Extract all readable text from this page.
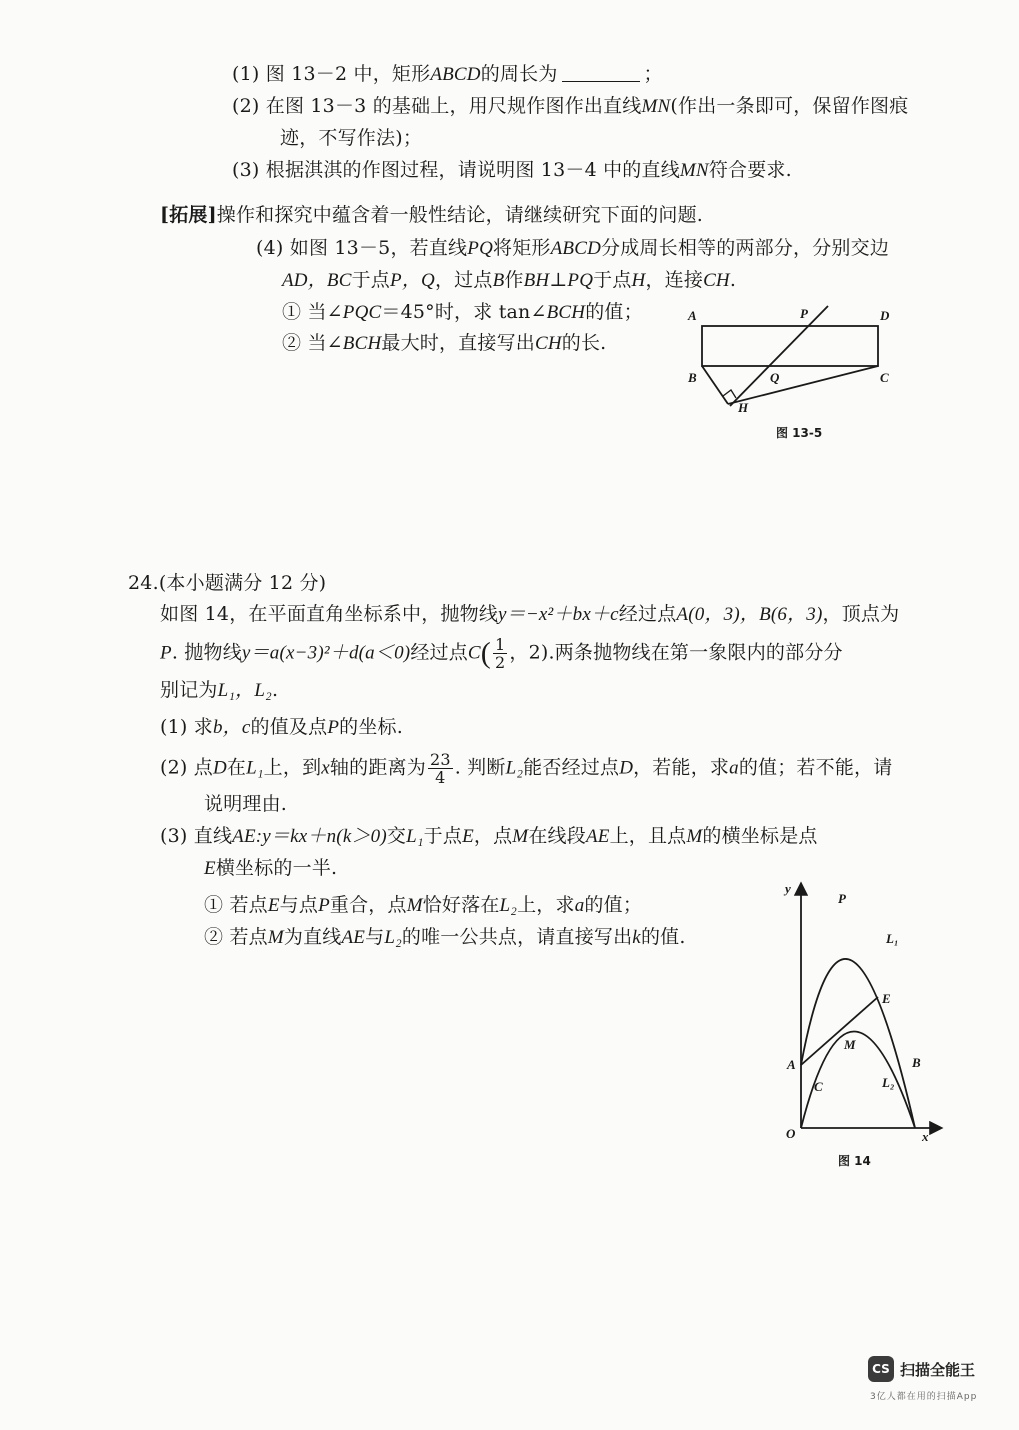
(1) 图 13－2 中，矩形ABCD的周长为	；
(2) 在图 13－3 的基础上，用尺规作图作出直线MN(作出一条即可，保留作图痕
迹，不写作法)；
(3) 根据淇淇的作图过程，请说明图 13－4 中的直线MN符合要求.
[拓展]操作和探究中蕴含着一般性结论，请继续研究下面的问题.
(4) 如图 13－5，若直线PQ将矩形ABCD分成周长相等的两部分，分别交边
AD，BC于点P，Q，过点B作BH⊥PQ于点H，连接CH.
① 当∠PQC＝45°时，求 tan∠BCH的值；
② 当∠BCH最大时，直接写出CH的长.
A	P	D
B	Q	C
H
图 13-5
24.(本小题满分 12 分)
如图 14，在平面直角坐标系中，抛物线y＝−x²＋bx＋c经过点A(0，3)，B(6，3)，顶点为
P. 抛物线y＝a(x−3)²＋d(a＜0)经过点$C( \frac{1}{2}$ ，2).两条抛物线在第一象限内的部分分
别记为L₁，L₂.
(1) 求b，c的值及点P的坐标.
(2) 点D在L₁上，到x轴的距离为 $\frac{23}{4}$ . 判断L₂能否经过点D，若能，求a的值；若不能，请
说明理由.
(3) 直线AE:y＝kx＋n(k＞0)交L₁于点E，点M在线段AE上，且点M的横坐标是点
E横坐标的一半.
① 若点E与点P重合，点M恰好落在L₂上，求a的值；
② 若点M为直线AE与L₂的唯一公共点，请直接写出k的值.
y
x
O
P
L₁
E
A
M
B
C	L₂
图 14
CS 扫描全能王
3亿人都在用的扫描App
